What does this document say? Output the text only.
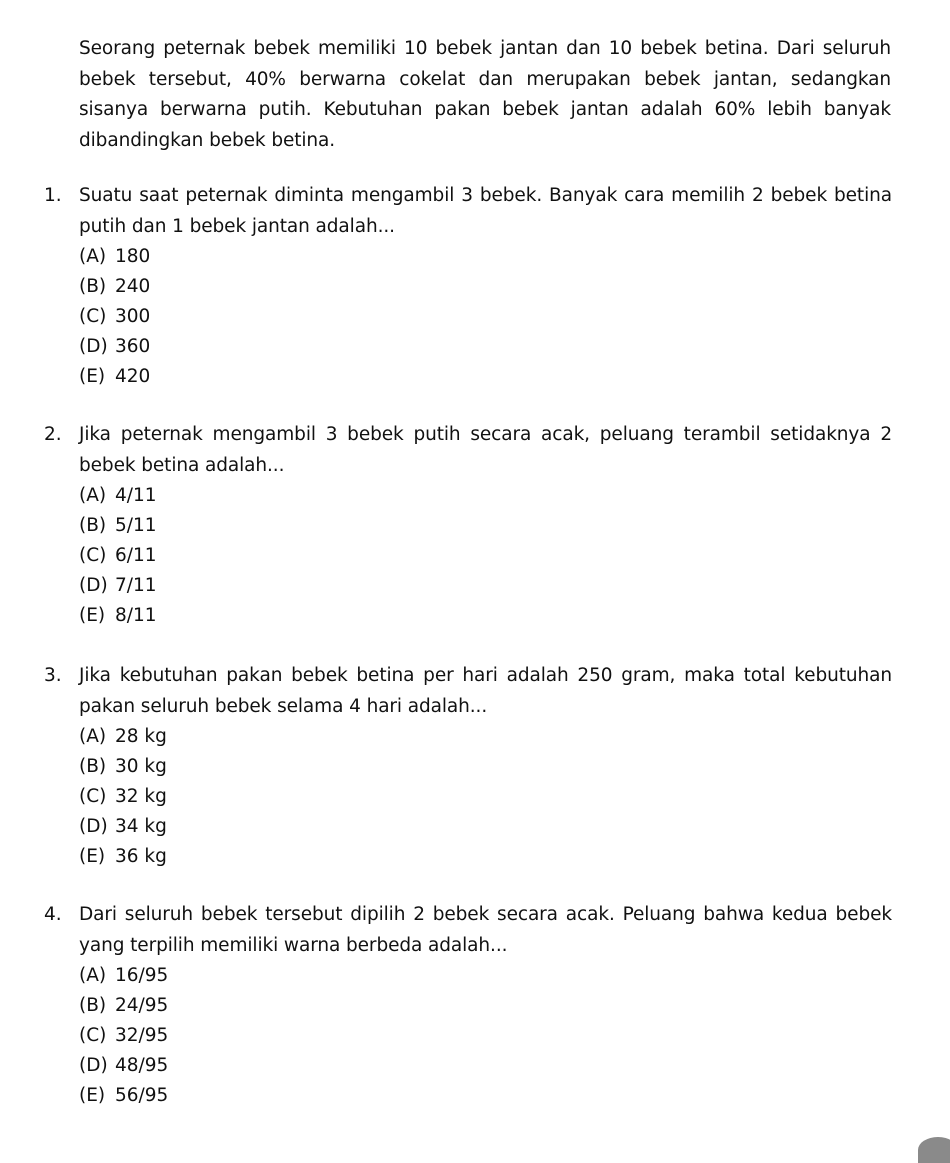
Seorang peternak bebek memiliki 10 bebek jantan dan 10 bebek betina. Dari seluruh bebek tersebut, 40% berwarna cokelat dan merupakan bebek jantan, sedangkan sisanya berwarna putih. Kebutuhan pakan bebek jantan adalah 60% lebih banyak dibandingkan bebek betina.

1. Suatu saat peternak diminta mengambil 3 bebek. Banyak cara memilih 2 bebek betina putih dan 1 bebek jantan adalah...

(A) 180
(B) 240
(C) 300
(D) 360
(E) 420
2. Jika peternak mengambil 3 bebek putih secara acak, peluang terambil setidaknya 2 bebek betina adalah...

(A) 4/11
(B) 5/11
(C) 6/11
(D) 7/11
(E) 8/11
3. Jika kebutuhan pakan bebek betina per hari adalah 250 gram, maka total kebutuhan pakan seluruh bebek selama 4 hari adalah...

(A) 28 kg
(B) 30 kg
(C) 32 kg
(D) 34 kg
(E) 36 kg
4. Dari seluruh bebek tersebut dipilih 2 bebek secara acak. Peluang bahwa kedua bebek yang terpilih memiliki warna berbeda adalah...

(A) 16/95
(B) 24/95
(C) 32/95
(D) 48/95
(E) 56/95
